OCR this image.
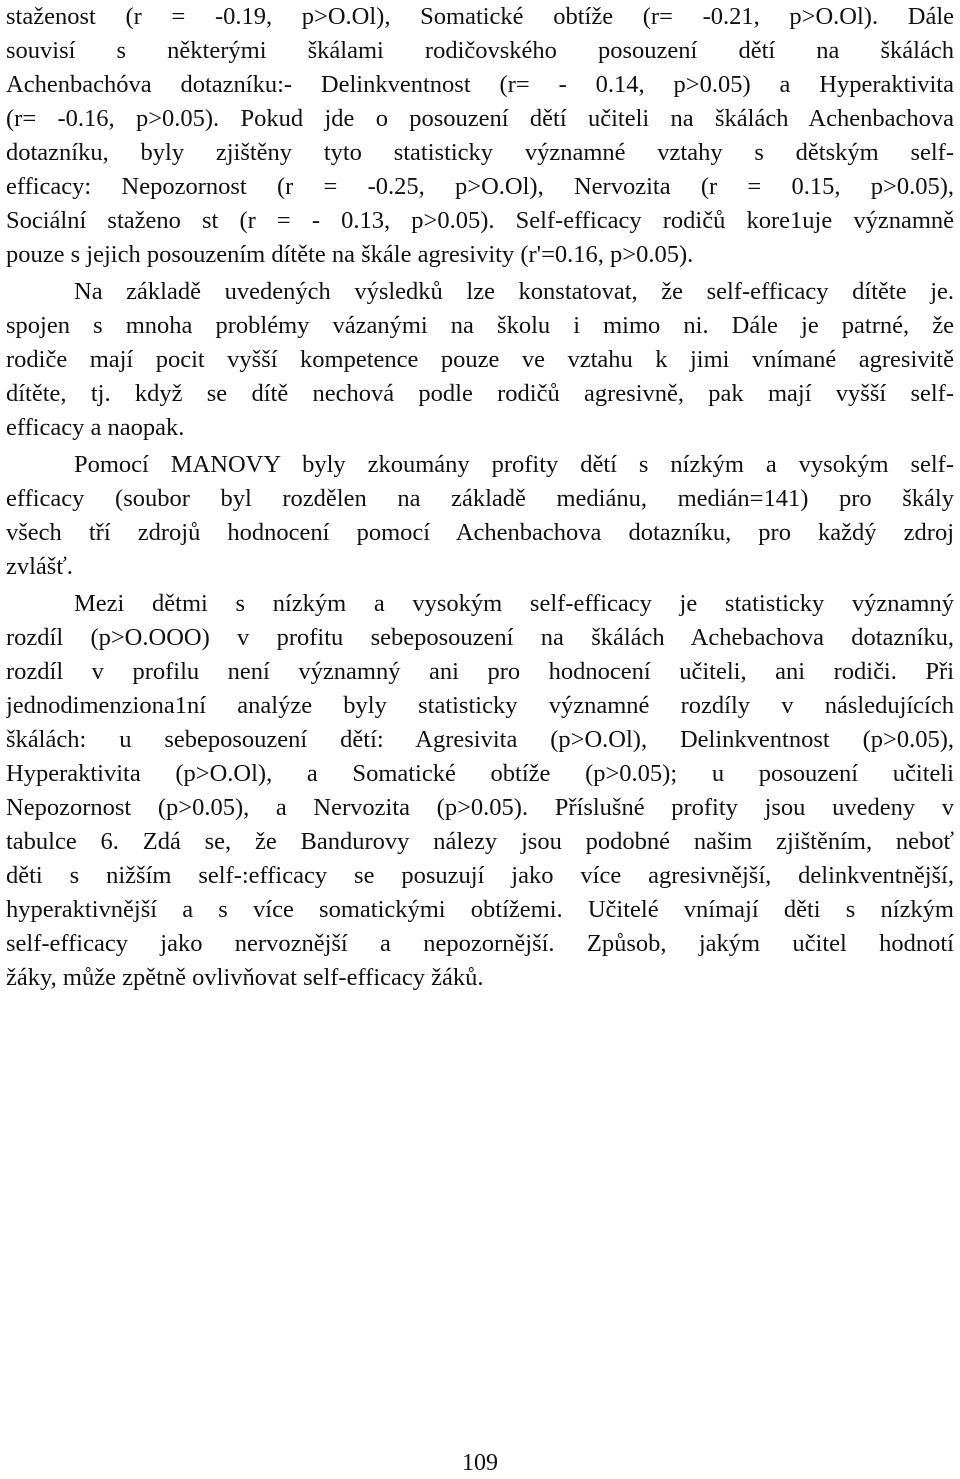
staženost (r = -0.19, p>O.Ol), Somatické obtíže (r= -0.21, p>O.Ol). Dále
souvisí s některými škálami rodičovského posouzení dětí na škálách
Achenbachóva dotazníku:- Delinkventnost (r= - 0.14, p>0.05) a Hyperaktivita
(r= -0.16, p>0.05). Pokud jde o posouzení dětí učiteli na škálách Achenbachova
dotazníku, byly zjištěny tyto statisticky významné vztahy s dětským self-
efficacy: Nepozornost (r = -0.25, p>O.Ol), Nervozita (r = 0.15, p>0.05),
Sociální staženo st (r = - 0.13, p>0.05). Self-efficacy rodičů kore1uje významně
pouze s jejich posouzením dítěte na škále agresivity (r'=0.16, p>0.05).
Na základě uvedených výsledků lze konstatovat, že self-efficacy dítěte je.
spojen s mnoha problémy vázanými na školu i mimo ni. Dále je patrné, že
rodiče mají pocit vyšší kompetence pouze ve vztahu k jimi vnímané agresivitě
dítěte, tj. když se dítě nechová podle rodičů agresivně, pak mají vyšší self-
efficacy a naopak.
Pomocí MANOVY byly zkoumány profity dětí s nízkým a vysokým self-
efficacy (soubor byl rozdělen na základě mediánu, medián=141) pro škály
všech tří zdrojů hodnocení pomocí Achenbachova dotazníku, pro každý zdroj
zvlášť.
Mezi dětmi s nízkým a vysokým self-efficacy je statisticky významný
rozdíl (p>O.OOO) v profitu sebeposouzení na škálách Achebachova dotazníku,
rozdíl v profilu není významný ani pro hodnocení učiteli, ani rodiči. Při
jednodimenziona1ní analýze byly statisticky významné rozdíly v následujících
škálách: u sebeposouzení dětí: Agresivita (p>O.Ol), Delinkventnost (p>0.05),
Hyperaktivita (p>O.Ol), a Somatické obtíže (p>0.05); u posouzení učiteli
Nepozornost (p>0.05), a Nervozita (p>0.05). Příslušné profity jsou uvedeny v
tabulce 6. Zdá se, že Bandurovy nálezy jsou podobné našim zjištěním, neboť
děti s nižším self-:efficacy se posuzují jako více agresivnější, delinkventnější,
hyperaktivnější a s více somatickými obtížemi. Učitelé vnímají děti s nízkým
self-efficacy jako nervoznější a nepozornější. Způsob, jakým učitel hodnotí
žáky, může zpětně ovlivňovat self-efficacy žáků.
109
